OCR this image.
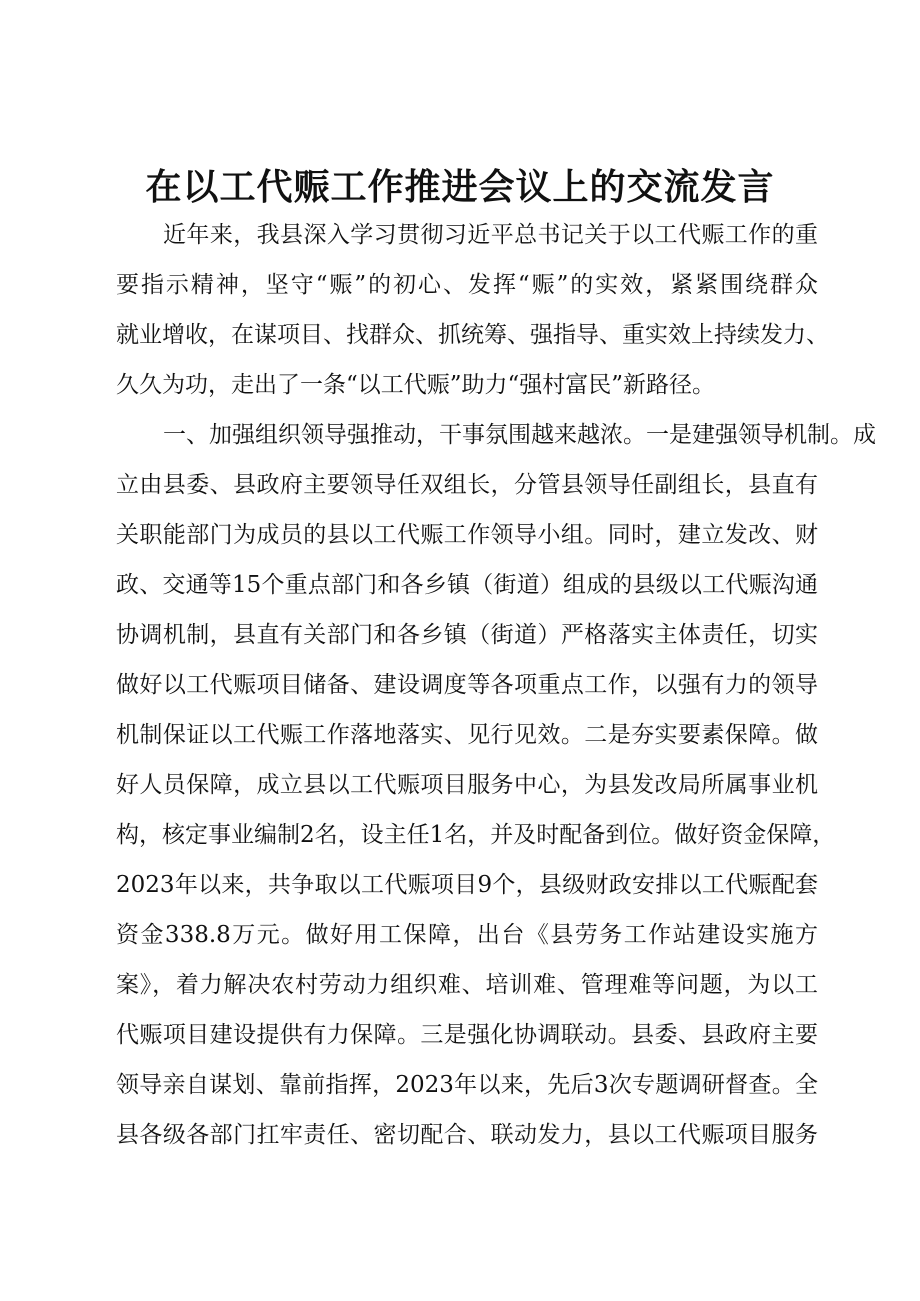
在以工代赈工作推进会议上的交流发言
近年来，我县深入学习贯彻习近平总书记关于以工代赈工作的重
要指示精神，坚守“赈”的初心、发挥“赈”的实效，紧紧围绕群众
就业增收，在谋项目、找群众、抓统筹、强指导、重实效上持续发力、
久久为功，走出了一条“以工代赈”助力“强村富民”新路径。
一、加强组织领导强推动，干事氛围越来越浓。一是建强领导机制。成
立由县委、县政府主要领导任双组长，分管县领导任副组长，县直有
关职能部门为成员的县以工代赈工作领导小组。同时，建立发改、财
政、交通等15个重点部门和各乡镇（街道）组成的县级以工代赈沟通
协调机制，县直有关部门和各乡镇（街道）严格落实主体责任，切实
做好以工代赈项目储备、建设调度等各项重点工作，以强有力的领导
机制保证以工代赈工作落地落实、见行见效。二是夯实要素保障。做
好人员保障，成立县以工代赈项目服务中心，为县发改局所属事业机
构，核定事业编制2名，设主任1名，并及时配备到位。做好资金保障，
2023年以来，共争取以工代赈项目9个，县级财政安排以工代赈配套
资金338.8万元。做好用工保障，出台《县劳务工作站建设实施方
案》，着力解决农村劳动力组织难、培训难、管理难等问题，为以工
代赈项目建设提供有力保障。三是强化协调联动。县委、县政府主要
领导亲自谋划、靠前指挥，2023年以来，先后3次专题调研督查。全
县各级各部门扛牢责任、密切配合、联动发力，县以工代赈项目服务
